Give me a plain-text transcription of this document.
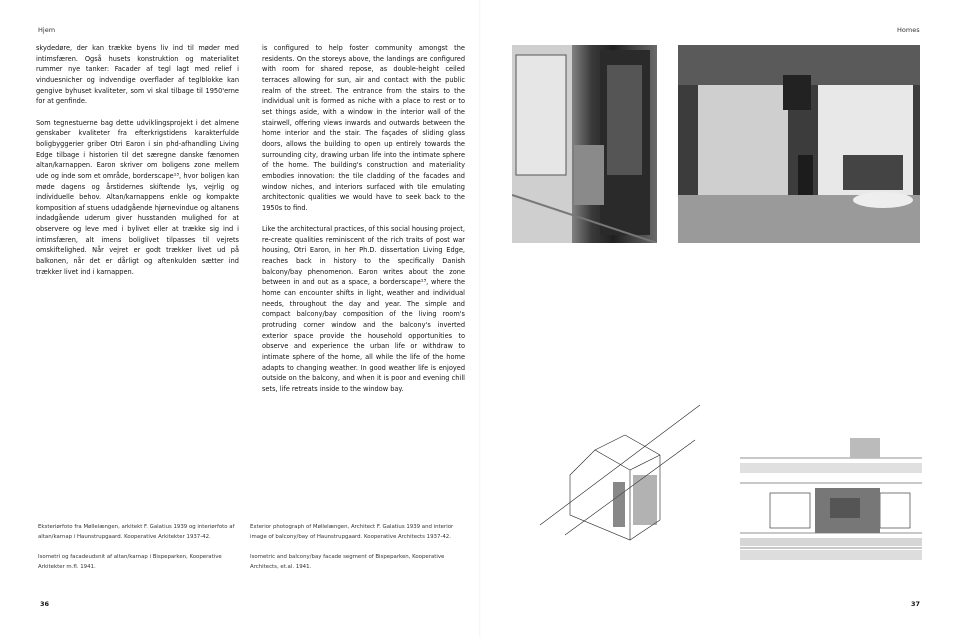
Hjem	Homes

skydedøre, der kan trække byens liv ind til møder med intimsfæren. Også husets konstruktion og materialitet rummer nye tanker: Facader af tegl lagt med relief i vinduesnicher og indvendige overflader af teglblokke kan gengive byhuset kvaliteter, som vi skal tilbage til 1950'erne for at genfinde.

Som tegnestuerne bag dette udviklingsprojekt i det almene genskaber kvaliteter fra efterkrigstidens karakterfulde boligbyggerier griber Otri Earon i sin phd-afhandling Living Edge tilbage i historien til det særegne danske fænomen altan/karnappen. Earon skriver om boligens zone mellem ude og inde som et område, borderscape¹³, hvor boligen kan møde dagens og årstidernes skiftende lys, vejrlig og individuelle behov. Altan/karnappens enkle og kompakte komposition af stuens udadgående hjørnevindue og altanens indadgående uderum giver husstanden mulighed for at observere og leve med i bylivet eller at trække sig ind i intimsfæren, alt imens boliglivet tilpasses til vejrets omskiftelighed. Når vejret er godt trækker livet ud på balkonen, når det er dårligt og aftenkulden sætter ind trækker livet ind i karnappen.

is configured to help foster community amongst the residents. On the storeys above, the landings are configured with room for shared repose, as double-height ceiled terraces allowing for sun, air and contact with the public realm of the street. The entrance from the stairs to the individual unit is formed as niche with a place to rest or to set things aside, with a window in the interior wall of the stairwell, offering views inwards and outwards between the home interior and the stair. The façades of sliding glass doors, allows the building to open up entirely towards the surrounding city, drawing urban life into the intimate sphere of the home. The building's construction and materiality embodies innovation: the tile cladding of the facades and window niches, and interiors surfaced with tile emulating architectonic qualities we would have to seek back to the 1950s to find.

Like the architectural practices, of this social housing project, re-create qualities reminiscent of the rich traits of post war housing, Otri Earon, in her Ph.D. dissertation Living Edge, reaches back in history to the specifically Danish balcony/bay phenomenon. Earon writes about the zone between in and out as a space, a borderscape¹³, where the home can encounter shifts in light, weather and individual needs, throughout the day and year. The simple and compact balcony/bay composition of the living room's protruding corner window and the balcony's inverted exterior space provide the household opportunities to observe and experience the urban life or withdraw to intimate sphere of the home, all while the life of the home adapts to changing weather. In good weather life is enjoyed outside on the balcony, and when it is poor and evening chill sets, life retreats inside to the window bay.

Eksteriørfoto fra Møllelængen, arkitekt F. Galatius 1939 og interiørfoto af altan/karnap i Haunstrupgaard. Kooperative Arkitekter 1937-42.

Isometri og facadeudsnit af altan/karnap i Bispeparken, Kooperative Arkitekter m.fl. 1941.

Exterior photograph of Møllelængen, Architect F. Galatius 1939 and interior image of balcony/bay of Haunstrupgaard. Kooperative Architects 1937-42.

Isometric and balcony/bay facade segment of Bispeparken, Kooperative Architects, et.al. 1941.

36	37
